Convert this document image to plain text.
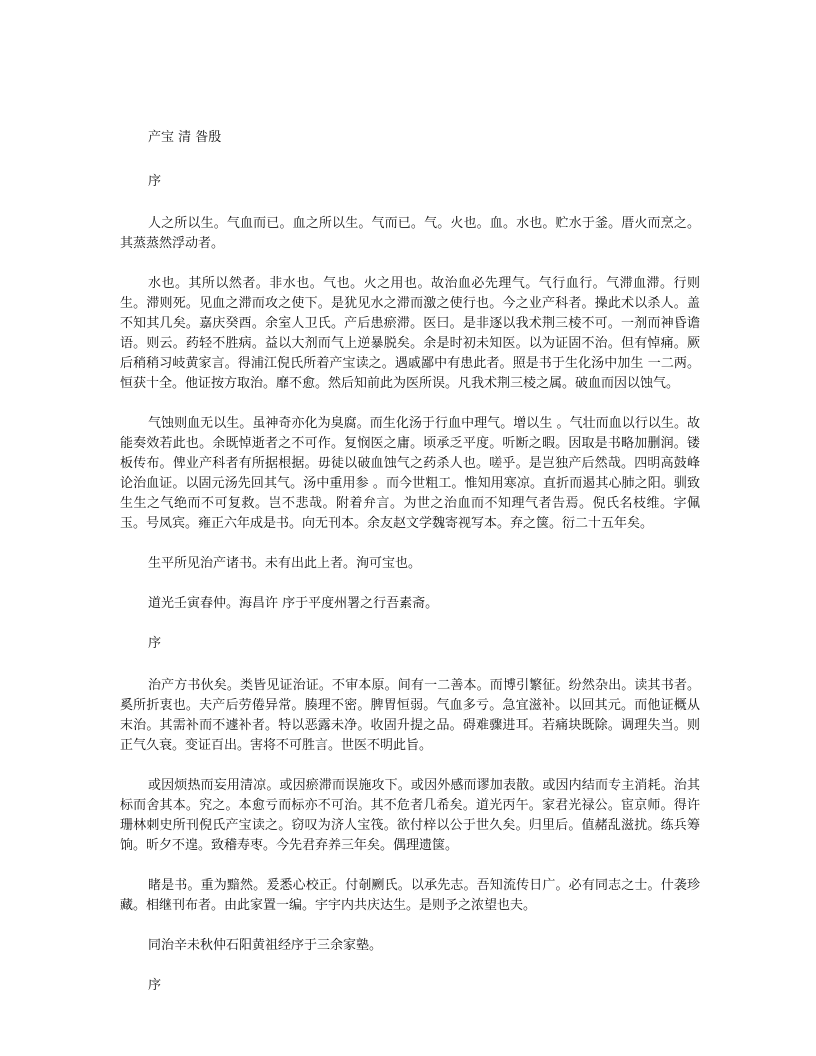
产宝 清 昝殷

序

人之所以生。气血而已。血之所以生。气而已。气。火也。血。水也。贮水于釜。厝火而烹之。其蒸蒸然浮动者。

水也。其所以然者。非水也。气也。火之用也。故治血必先理气。气行血行。气滞血滞。行则生。滞则死。见血之滞而攻之使下。是犹见水之滞而激之使行也。今之业产科者。操此术以杀人。盖不知其几矣。嘉庆癸酉。余室人卫氏。产后患瘀滞。医曰。是非逐以我术荆三棱不可。一剂而神昏谵语。则云。药轻不胜病。益以大剂而气上逆暴脱矣。余是时初未知医。以为证固不治。但有悼痛。厥后稍稍习岐黄家言。得浦江倪氏所着产宝读之。遇戚鄙中有患此者。照是书于生化汤中加生 一二两。恒获十全。他证按方取治。靡不愈。然后知前此为医所误。凡我术荆三棱之属。破血而因以蚀气。

气蚀则血无以生。虽神奇亦化为臭腐。而生化汤于行血中理气。增以生 。气壮而血以行以生。故能奏效若此也。余既悼逝者之不可作。复悯医之庸。顷承乏平度。听断之暇。因取是书略加删润。镂板传布。俾业产科者有所据根据。毋徒以破血蚀气之药杀人也。嗟乎。是岂独产后然哉。四明高鼓峰论治血证。以固元汤先回其气。汤中重用参 。而今世粗工。惟知用寒凉。直折而遏其心肺之阳。驯致生生之气绝而不可复救。岂不悲哉。附着弁言。为世之治血而不知理气者告焉。倪氏名枝维。字佩玉。号凤宾。雍正六年成是书。向无刊本。余友赵文学魏寄视写本。弃之箧。衍二十五年矣。

生平所见治产诸书。未有出此上者。洵可宝也。

道光壬寅春仲。海昌许 序于平度州署之行吾素斋。

序

治产方书伙矣。类皆见证治证。不审本原。间有一二善本。而博引繁征。纷然杂出。读其书者。奚所折衷也。夫产后劳倦异常。腠理不密。脾胃恒弱。气血多亏。急宜滋补。以回其元。而他证概从末治。其需补而不遽补者。特以恶露未净。收固升提之品。碍难骤进耳。若痛块既除。调理失当。则正气久衰。变证百出。害将不可胜言。世医不明此旨。

或因烦热而妄用清凉。或因瘀滞而误施攻下。或因外感而谬加表散。或因内结而专主消耗。治其标而舍其本。究之。本愈亏而标亦不可治。其不危者几希矣。道光丙午。家君光禄公。宦京师。得许珊林刺史所刊倪氏产宝读之。窃叹为济人宝筏。欲付梓以公于世久矣。归里后。值赭乱滋扰。练兵筹饷。昕夕不遑。致稽寿枣。今先君弃养三年矣。偶理遗箧。

睹是书。重为黯然。爰悉心校正。付剞劂氏。以承先志。吾知流传日广。必有同志之士。什袭珍藏。相继刊布者。由此家置一编。宇宇内共庆达生。是则予之浓望也夫。

同治辛未秋仲石阳黄祖经序于三余家塾。

序
